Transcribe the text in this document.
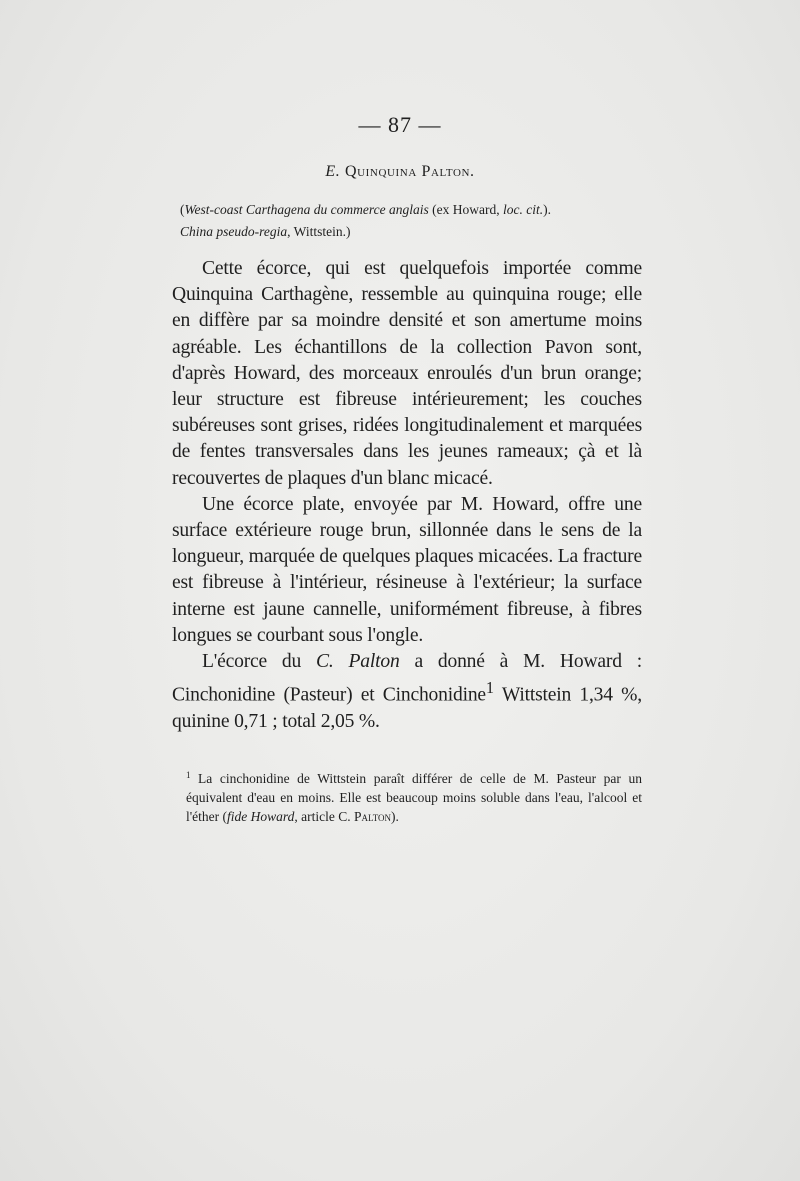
— 87 —
E. Quinquina Palton.
(West-coast Carthagena du commerce anglais (ex Howard, loc. cit.).
China pseudo-regia, Wittstein.)

Cette écorce, qui est quelquefois importée comme Quinquina Carthagène, ressemble au quinquina rouge; elle en diffère par sa moindre densité et son amertume moins agréable. Les échantillons de la collection Pavon sont, d'après Howard, des morceaux enroulés d'un brun orange; leur structure est fibreuse intérieurement; les couches subéreuses sont grises, ridées longitudinalement et marquées de fentes transversales dans les jeunes rameaux; çà et là recouvertes de plaques d'un blanc micacé.

Une écorce plate, envoyée par M. Howard, offre une surface extérieure rouge brun, sillonnée dans le sens de la longueur, marquée de quelques plaques micacées. La fracture est fibreuse à l'intérieur, résineuse à l'extérieur; la surface interne est jaune cannelle, uniformément fibreuse, à fibres longues se courbant sous l'ongle.

L'écorce du C. Palton a donné à M. Howard : Cinchonidine (Pasteur) et Cinchonidine$^1$ Wittstein 1,34 %, quinine 0,71 ; total 2,05 %.

$^1$ La cinchonidine de Wittstein paraît différer de celle de M. Pasteur par un équivalent d'eau en moins. Elle est beaucoup moins soluble dans l'eau, l'alcool et l'éther (fide Howard, article C. Palton).
